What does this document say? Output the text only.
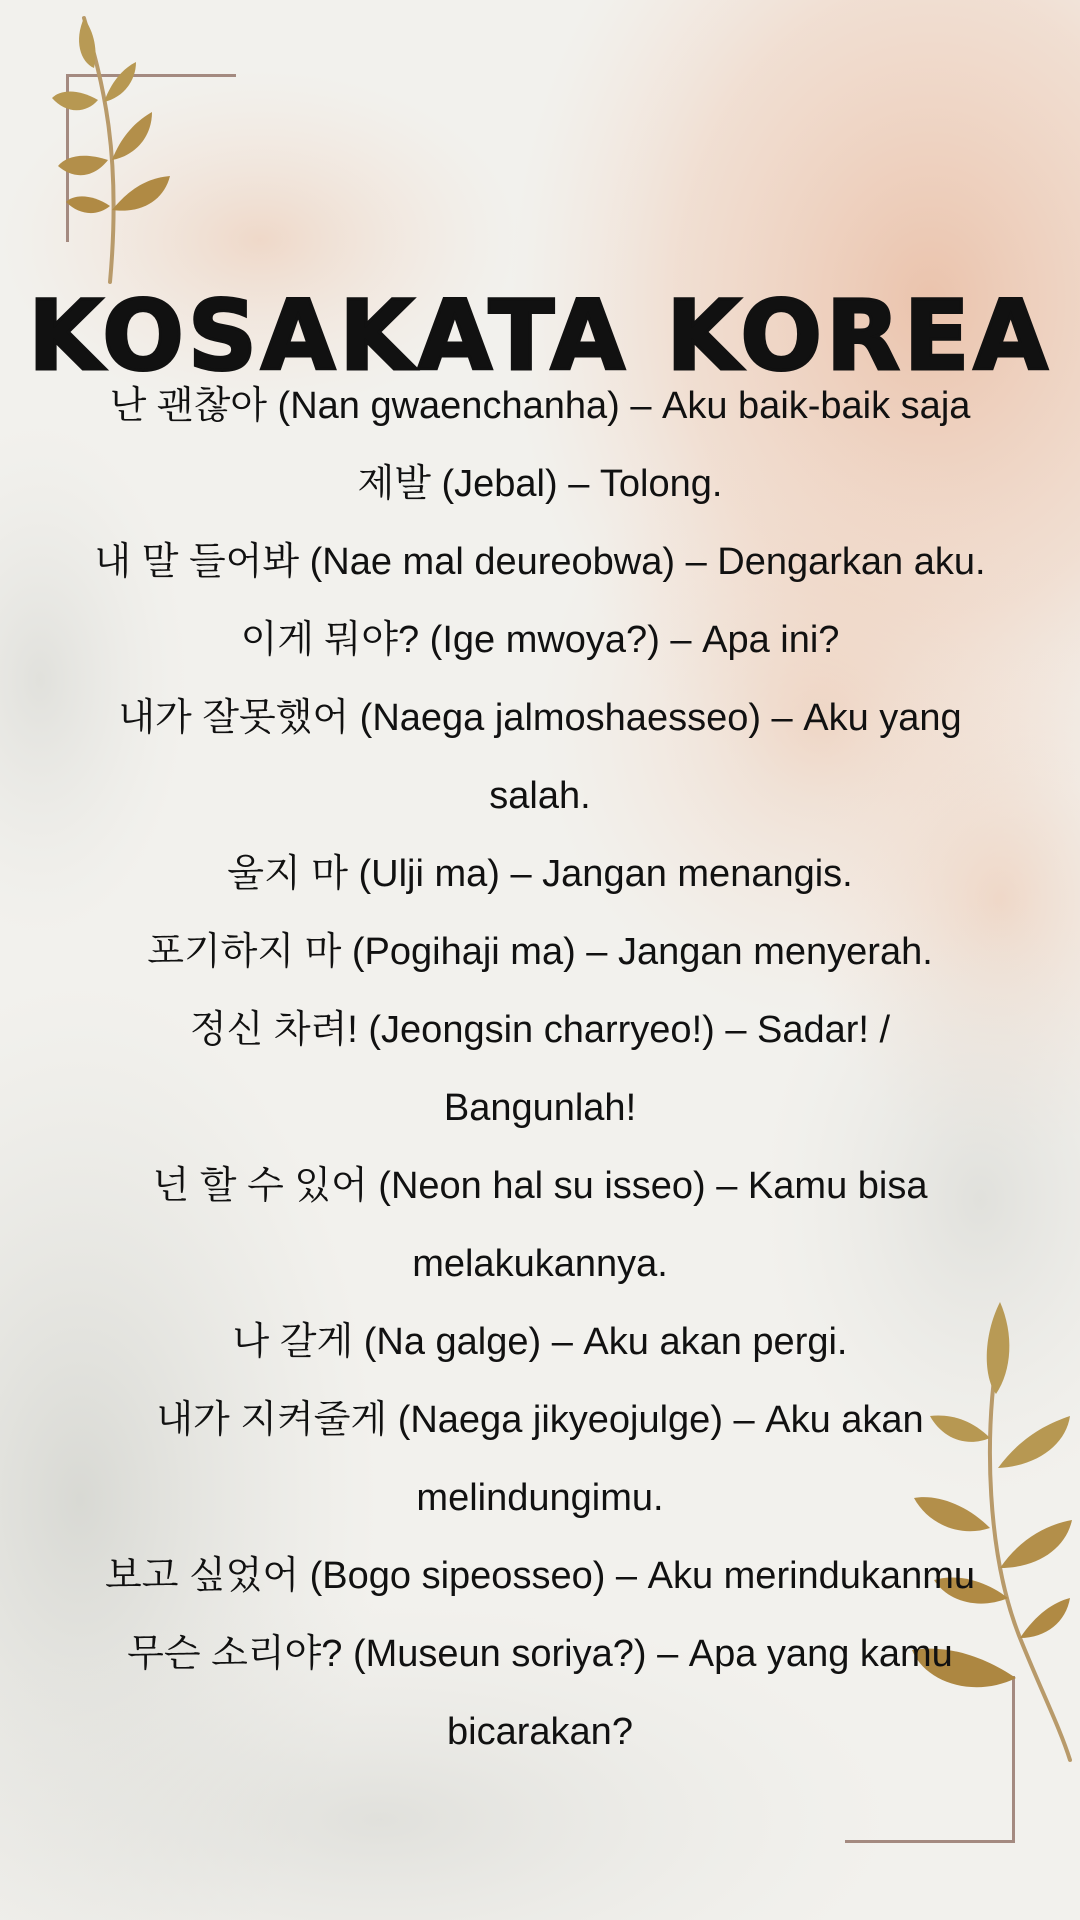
KOSAKATA KOREA
난 괜찮아 (Nan gwaenchanha) – Aku baik-baik saja
제발 (Jebal) – Tolong.
내 말 들어봐 (Nae mal deureobwa) – Dengarkan aku.
이게 뭐야? (Ige mwoya?) – Apa ini?
내가 잘못했어 (Naega jalmoshaesseo) – Aku yang salah.
울지 마 (Ulji ma) – Jangan menangis.
포기하지 마 (Pogihaji ma) – Jangan menyerah.
정신 차려! (Jeongsin charryeo!) – Sadar! / Bangunlah!
넌 할 수 있어 (Neon hal su isseo) – Kamu bisa melakukannya.
나 갈게 (Na galge) – Aku akan pergi.
내가 지켜줄게 (Naega jikyeojulge) – Aku akan melindungimu.
보고 싶었어 (Bogo sipeosseo) – Aku merindukanmu
무슨 소리야? (Museun soriya?) – Apa yang kamu bicarakan?
